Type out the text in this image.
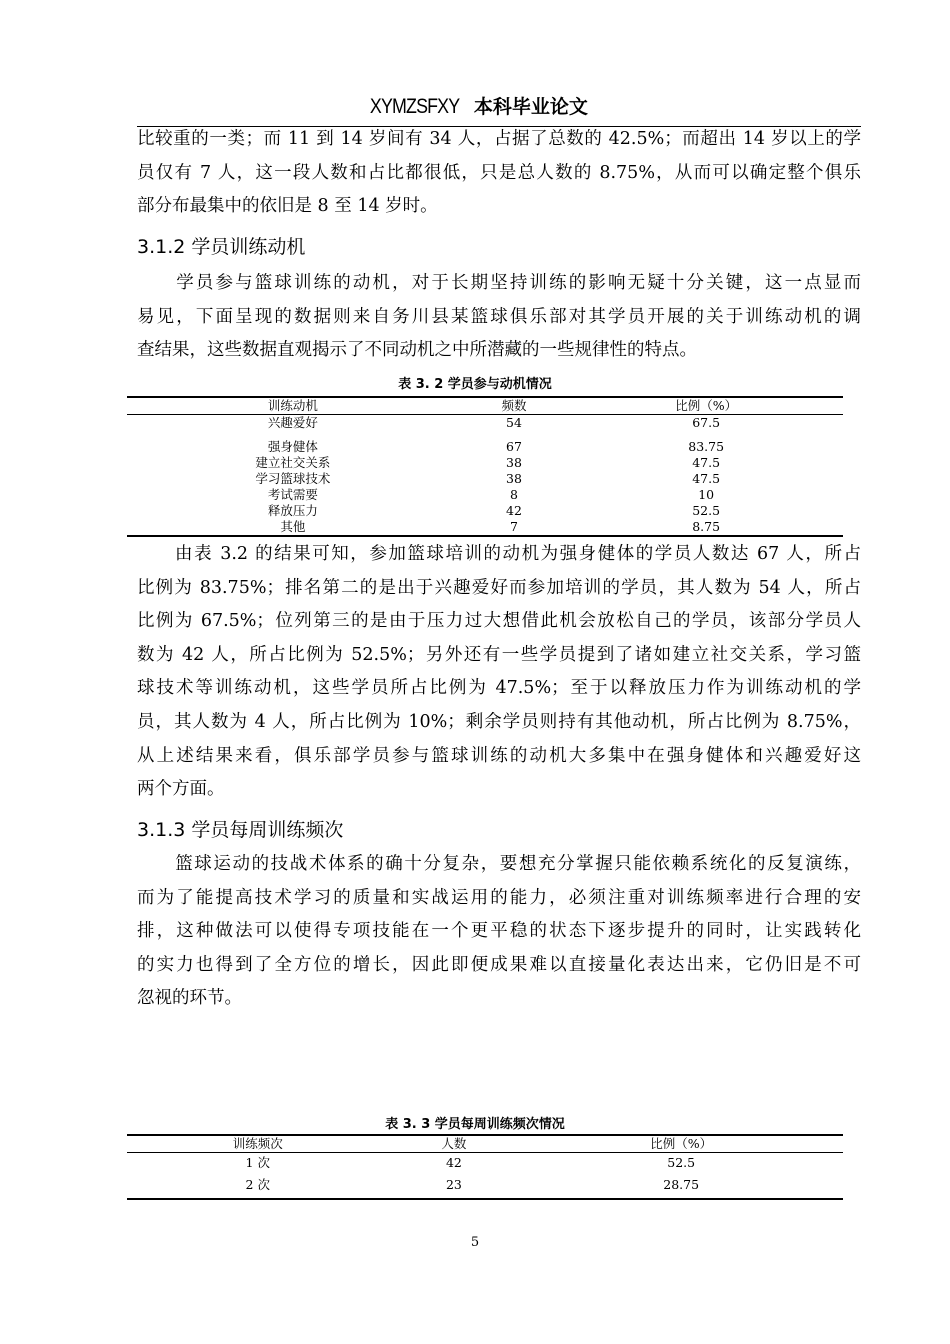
XYMZSFXY 本科毕业论文
比较重的一类；而 11 到 14 岁间有 34 人，占据了总数的 42.5%；而超出 14 岁以上的学
员仅有 7 人，这一段人数和占比都很低，只是总人数的 8.75%，从而可以确定整个俱乐
部分布最集中的依旧是 8 至 14 岁时。
3.1.2 学员训练动机
　　学员参与篮球训练的动机，对于长期坚持训练的影响无疑十分关键，这一点显而
易见，下面呈现的数据则来自务川县某篮球俱乐部对其学员开展的关于训练动机的调
查结果，这些数据直观揭示了不同动机之中所潜藏的一些规律性的特点。
表 3. 2 学员参与动机情况
训练动机	频数	比例（%）
兴趣爱好	54	67.5
强身健体	67	83.75
建立社交关系	38	47.5
学习篮球技术	38	47.5
考试需要	8	10
释放压力	42	52.5
其他	7	8.75
　　由表 3.2 的结果可知，参加篮球培训的动机为强身健体的学员人数达 67 人，所占
比例为 83.75%；排名第二的是出于兴趣爱好而参加培训的学员，其人数为 54 人，所占
比例为 67.5%；位列第三的是由于压力过大想借此机会放松自己的学员，该部分学员人
数为 42 人，所占比例为 52.5%；另外还有一些学员提到了诸如建立社交关系，学习篮
球技术等训练动机，这些学员所占比例为 47.5%；至于以释放压力作为训练动机的学
员，其人数为 4 人，所占比例为 10%；剩余学员则持有其他动机，所占比例为 8.75%，
从上述结果来看，俱乐部学员参与篮球训练的动机大多集中在强身健体和兴趣爱好这
两个方面。
3.1.3 学员每周训练频次
　　篮球运动的技战术体系的确十分复杂，要想充分掌握只能依赖系统化的反复演练，
而为了能提高技术学习的质量和实战运用的能力，必须注重对训练频率进行合理的安
排，这种做法可以使得专项技能在一个更平稳的状态下逐步提升的同时，让实践转化
的实力也得到了全方位的增长，因此即便成果难以直接量化表达出来，它仍旧是不可
忽视的环节。
表 3. 3 学员每周训练频次情况
训练频次	人数	比例（%）
1 次	42	52.5
2 次	23	28.75
5
